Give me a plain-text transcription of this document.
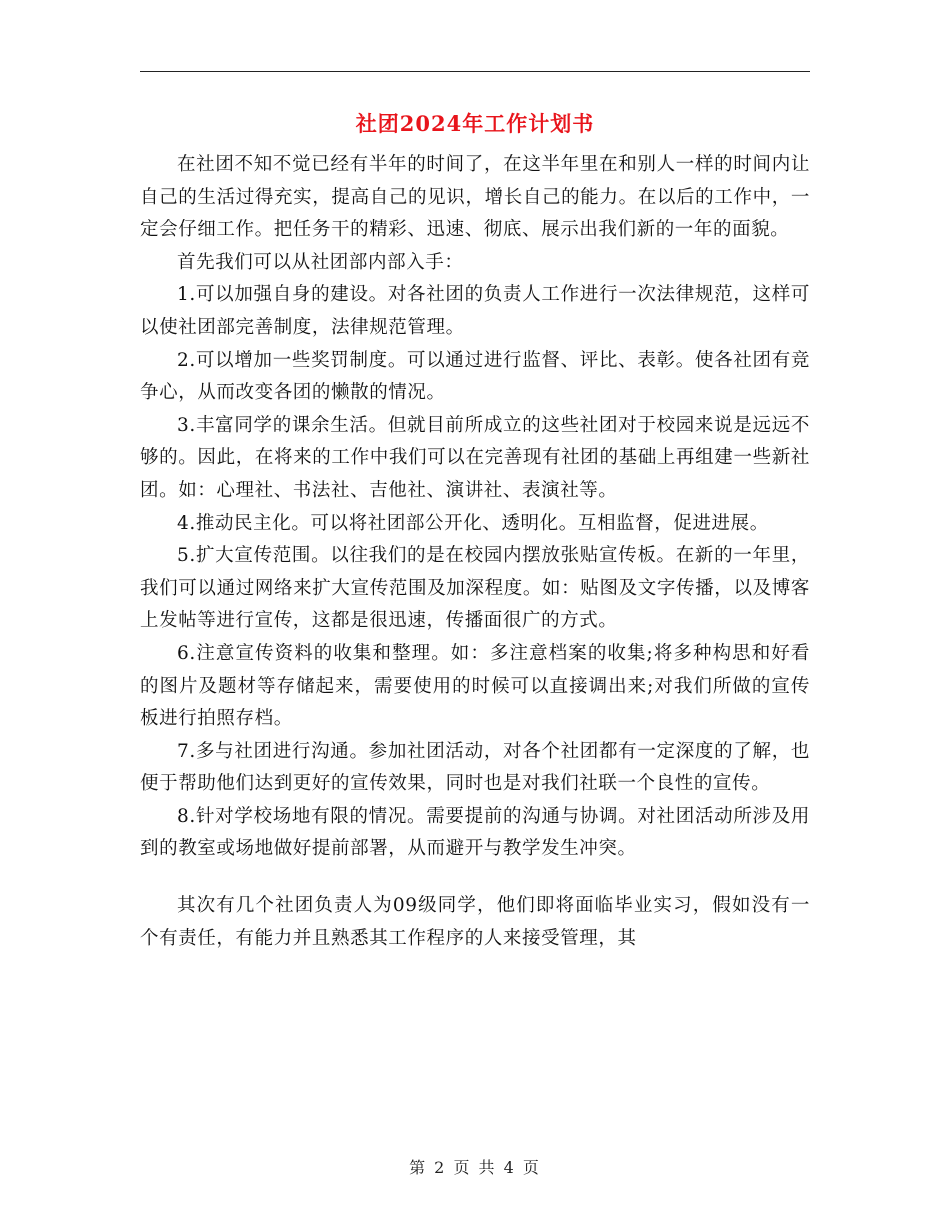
社团2024年工作计划书

在社团不知不觉已经有半年的时间了，在这半年里在和别人一样的时间内让自己的生活过得充实，提高自己的见识，增长自己的能力。在以后的工作中，一定会仔细工作。把任务干的精彩、迅速、彻底、展示出我们新的一年的面貌。

首先我们可以从社团部内部入手：

1.可以加强自身的建设。对各社团的负责人工作进行一次法律规范，这样可以使社团部完善制度，法律规范管理。

2.可以增加一些奖罚制度。可以通过进行监督、评比、表彰。使各社团有竞争心，从而改变各团的懒散的情况。

3.丰富同学的课余生活。但就目前所成立的这些社团对于校园来说是远远不够的。因此，在将来的工作中我们可以在完善现有社团的基础上再组建一些新社团。如：心理社、书法社、吉他社、演讲社、表演社等。

4.推动民主化。可以将社团部公开化、透明化。互相监督，促进进展。

5.扩大宣传范围。以往我们的是在校园内摆放张贴宣传板。在新的一年里，我们可以通过网络来扩大宣传范围及加深程度。如：贴图及文字传播，以及博客上发帖等进行宣传，这都是很迅速，传播面很广的方式。

6.注意宣传资料的收集和整理。如：多注意档案的收集;将多种构思和好看的图片及题材等存储起来，需要使用的时候可以直接调出来;对我们所做的宣传板进行拍照存档。

7.多与社团进行沟通。参加社团活动，对各个社团都有一定深度的了解，也便于帮助他们达到更好的宣传效果，同时也是对我们社联一个良性的宣传。

8.针对学校场地有限的情况。需要提前的沟通与协调。对社团活动所涉及用到的教室或场地做好提前部署，从而避开与教学发生冲突。

其次有几个社团负责人为09级同学，他们即将面临毕业实习，假如没有一个有责任，有能力并且熟悉其工作程序的人来接受管理，其

第 2 页 共 4 页
